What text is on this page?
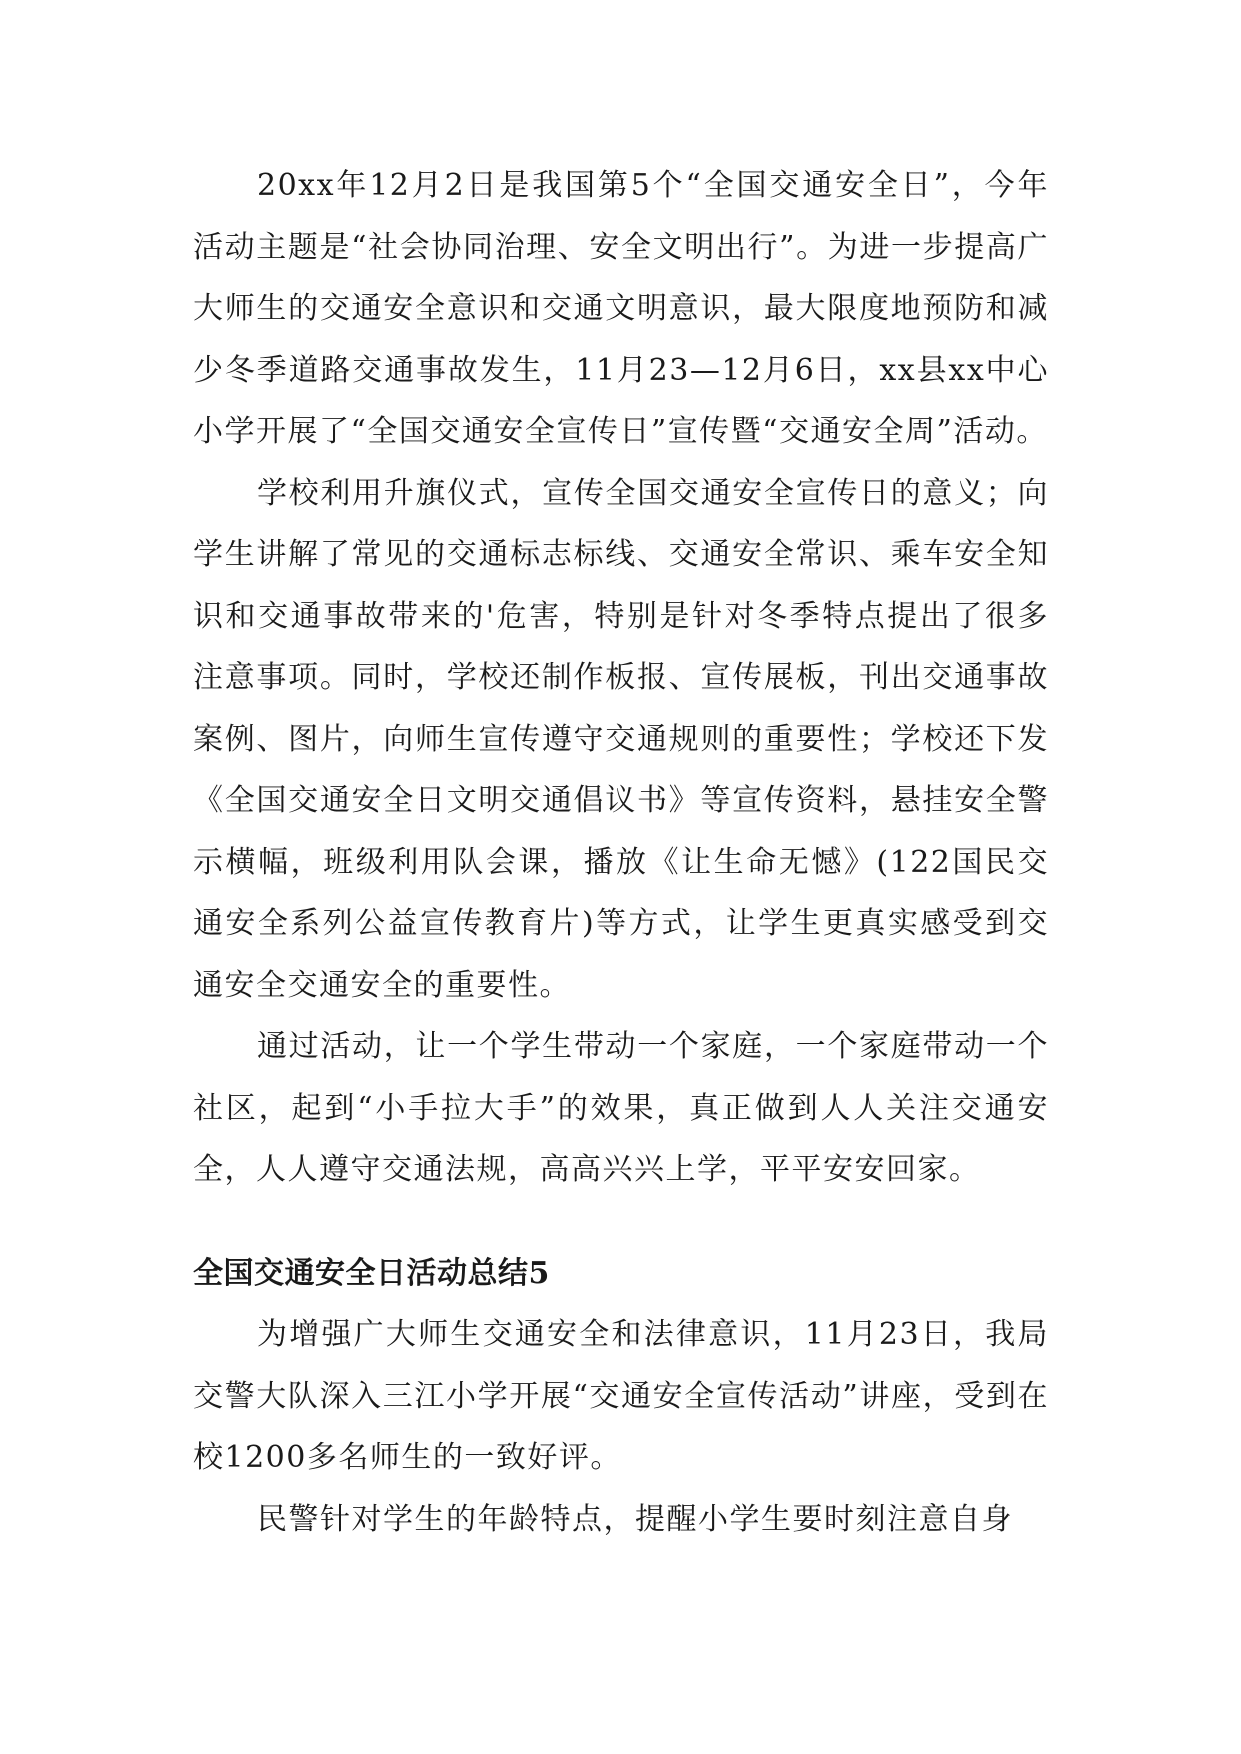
20xx年12月2日是我国第5个“全国交通安全日”，今年活动主题是“社会协同治理、安全文明出行”。为进一步提高广大师生的交通安全意识和交通文明意识，最大限度地预防和减少冬季道路交通事故发生，11月23—12月6日，xx县xx中心小学开展了“全国交通安全宣传日”宣传暨“交通安全周”活动。

学校利用升旗仪式，宣传全国交通安全宣传日的意义；向学生讲解了常见的交通标志标线、交通安全常识、乘车安全知识和交通事故带来的'危害，特别是针对冬季特点提出了很多注意事项。同时，学校还制作板报、宣传展板，刊出交通事故案例、图片，向师生宣传遵守交通规则的重要性；学校还下发《全国交通安全日文明交通倡议书》等宣传资料，悬挂安全警示横幅，班级利用队会课，播放《让生命无憾》(122国民交通安全系列公益宣传教育片)等方式，让学生更真实感受到交通安全交通安全的重要性。

通过活动，让一个学生带动一个家庭，一个家庭带动一个社区，起到“小手拉大手”的效果，真正做到人人关注交通安全，人人遵守交通法规，高高兴兴上学，平平安安回家。

全国交通安全日活动总结5

为增强广大师生交通安全和法律意识，11月23日，我局交警大队深入三江小学开展“交通安全宣传活动”讲座，受到在校1200多名师生的一致好评。

民警针对学生的年龄特点，提醒小学生要时刻注意自身
